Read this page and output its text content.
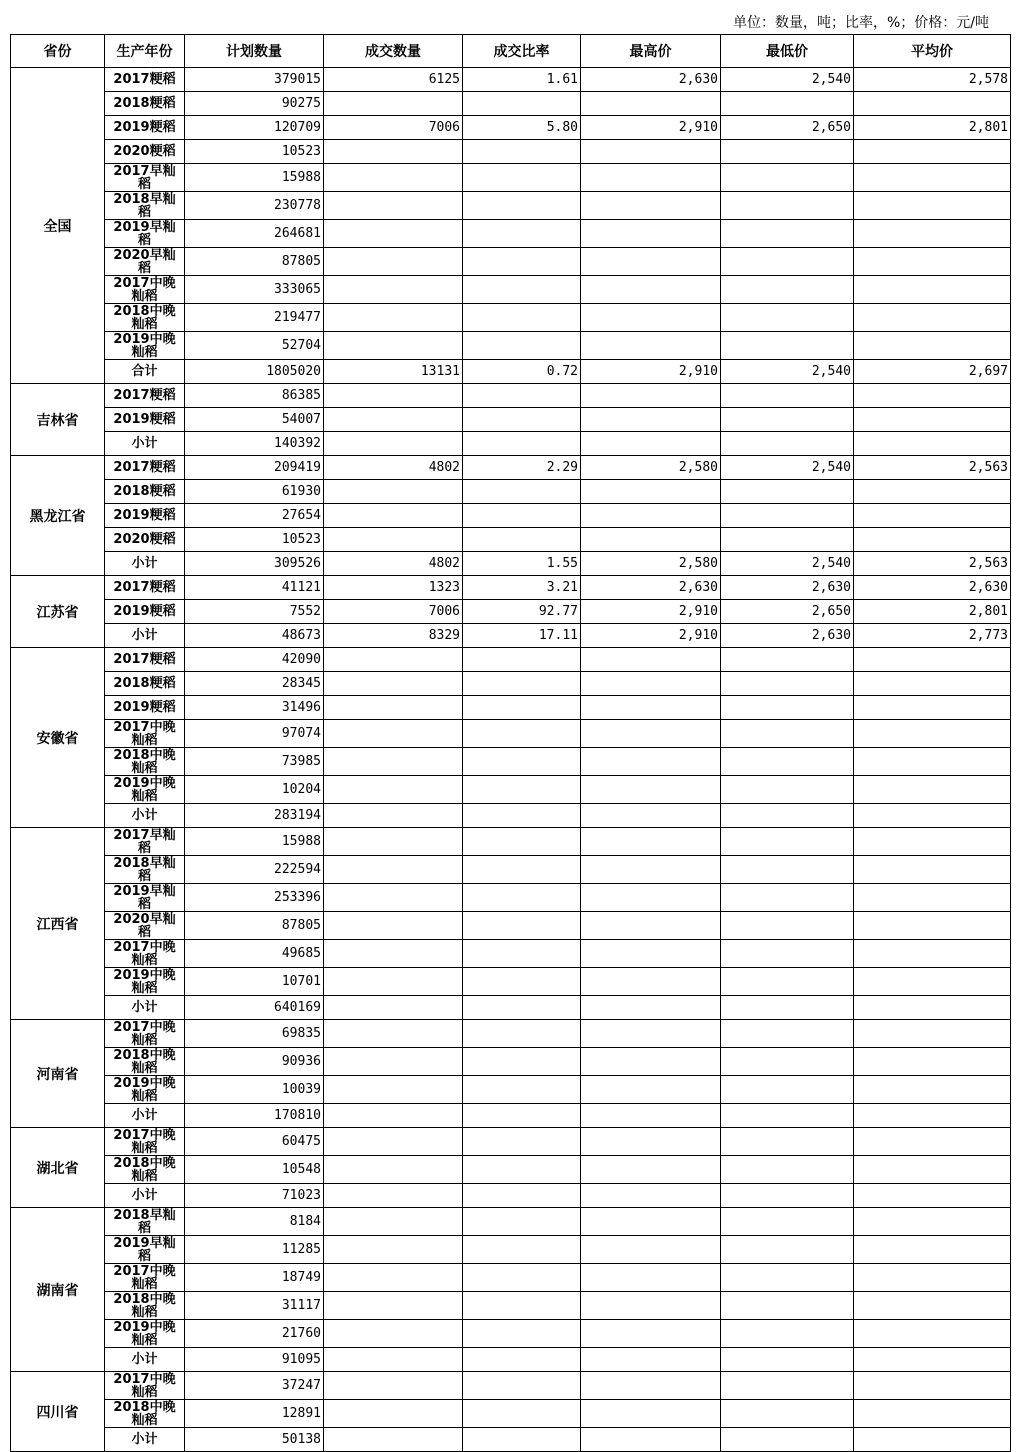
单位：数量，吨；比率，%；价格：元/吨
省份	生产年份	计划数量	成交数量	成交比率	最高价	最低价	平均价
全国	2017粳稻	379015	6125	1.61	2,630	2,540	2,578
	2018粳稻	90275					
	2019粳稻	120709	7006	5.80	2,910	2,650	2,801
	2020粳稻	10523					
	2017早籼稻	15988					
	2018早籼稻	230778					
	2019早籼稻	264681					
	2020早籼稻	87805					
	2017中晚籼稻	333065					
	2018中晚籼稻	219477					
	2019中晚籼稻	52704					
	合计	1805020	13131	0.72	2,910	2,540	2,697
吉林省	2017粳稻	86385					
	2019粳稻	54007					
	小计	140392					
黑龙江省	2017粳稻	209419	4802	2.29	2,580	2,540	2,563
	2018粳稻	61930					
	2019粳稻	27654					
	2020粳稻	10523					
	小计	309526	4802	1.55	2,580	2,540	2,563
江苏省	2017粳稻	41121	1323	3.21	2,630	2,630	2,630
	2019粳稻	7552	7006	92.77	2,910	2,650	2,801
	小计	48673	8329	17.11	2,910	2,630	2,773
安徽省	2017粳稻	42090					
	2018粳稻	28345					
	2019粳稻	31496					
	2017中晚籼稻	97074					
	2018中晚籼稻	73985					
	2019中晚籼稻	10204					
	小计	283194					
江西省	2017早籼稻	15988					
	2018早籼稻	222594					
	2019早籼稻	253396					
	2020早籼稻	87805					
	2017中晚籼稻	49685					
	2019中晚籼稻	10701					
	小计	640169					
河南省	2017中晚籼稻	69835					
	2018中晚籼稻	90936					
	2019中晚籼稻	10039					
	小计	170810					
湖北省	2017中晚籼稻	60475					
	2018中晚籼稻	10548					
	小计	71023					
湖南省	2018早籼稻	8184					
	2019早籼稻	11285					
	2017中晚籼稻	18749					
	2018中晚籼稻	31117					
	2019中晚籼稻	21760					
	小计	91095					
四川省	2017中晚籼稻	37247					
	2018中晚籼稻	12891					
	小计	50138					
